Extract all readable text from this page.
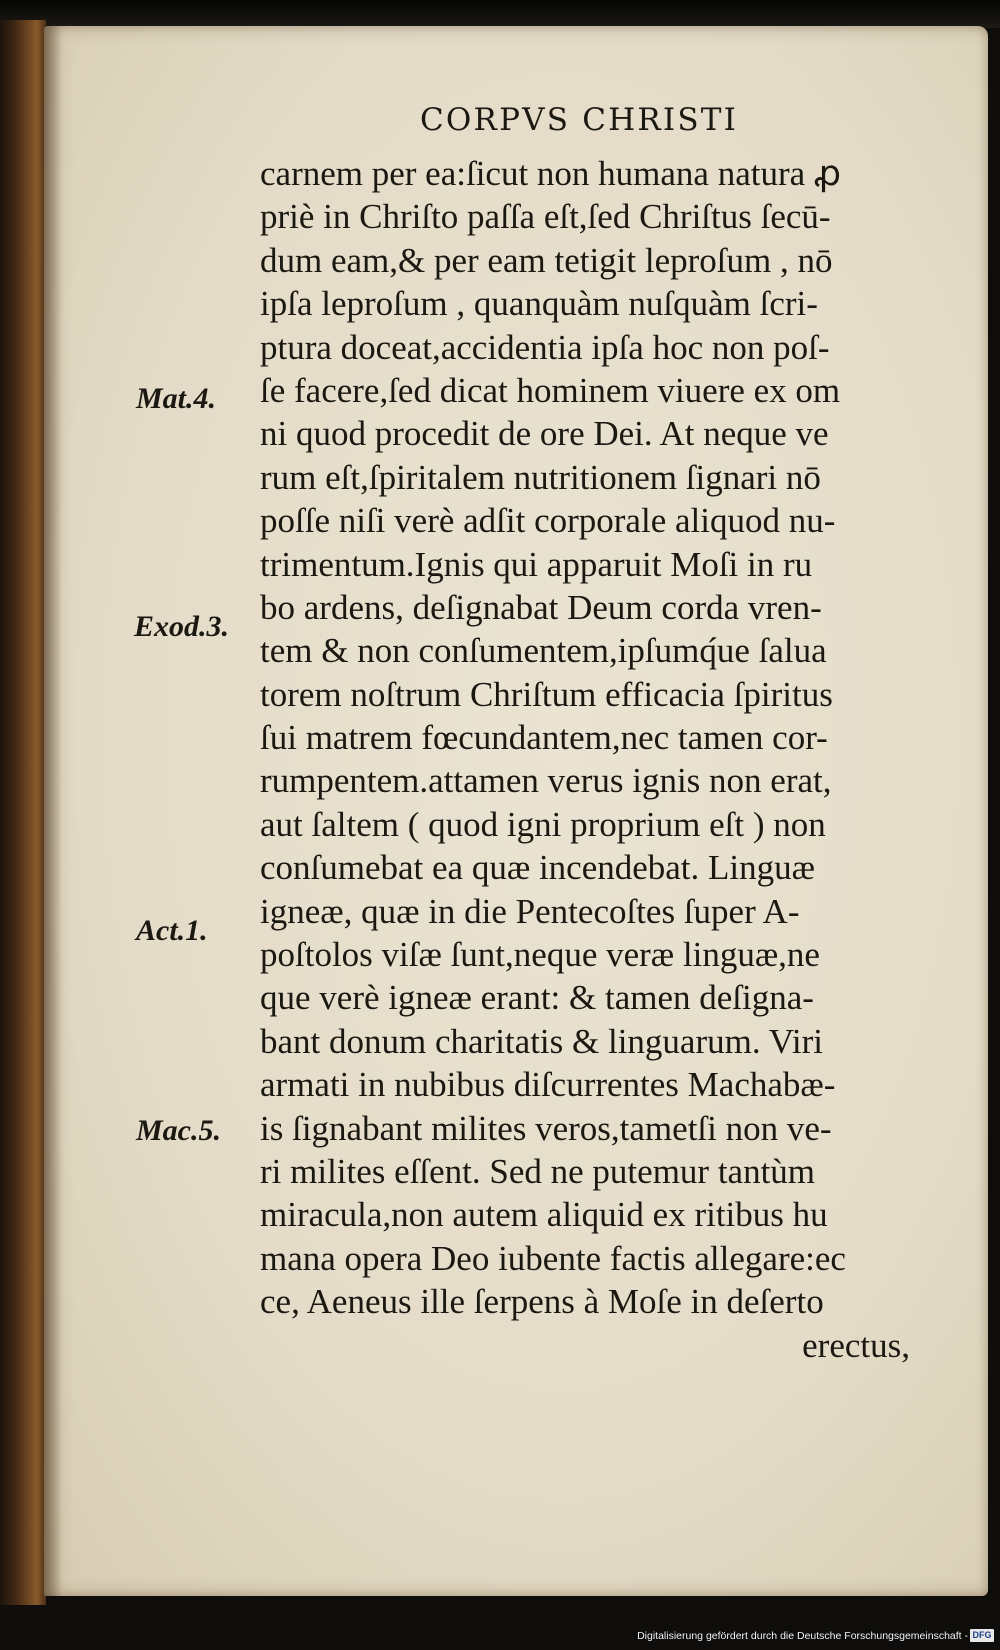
CORPVS CHRISTI
carnem per ea:ſicut non humana natura ꝓ
priè in Chriſto paſſa eſt,ſed Chriſtus ſecū-
dum eam,& per eam tetigit leproſum , nō
ipſa leproſum , quanquàm nuſquàm ſcri-
ptura doceat,accidentia ipſa hoc non poſ-
ſe facere,ſed dicat hominem viuere ex om
ni quod procedit de ore Dei. At neque ve
rum eſt,ſpiritalem nutritionem ſignari nō
poſſe niſi verè adſit corporale aliquod nu-
trimentum.Ignis qui apparuit Moſi in ru
bo ardens, deſignabat Deum corda vren-
tem & non conſumentem,ipſumq́ue ſalua
torem noſtrum Chriſtum efficacia ſpiritus
ſui matrem fœcundantem,nec tamen cor-
rumpentem.attamen verus ignis non erat,
aut ſaltem ( quod igni proprium eſt ) non
conſumebat ea quæ incendebat. Linguæ
igneæ, quæ in die Pentecoſtes ſuper A-
poſtolos viſæ ſunt,neque veræ linguæ,ne
que verè igneæ erant: & tamen deſigna-
bant donum charitatis & linguarum. Viri
armati in nubibus diſcurrentes Machabæ-
is ſignabant milites veros,tametſi non ve-
ri milites eſſent. Sed ne putemur tantùm
miracula,non autem aliquid ex ritibus hu
mana opera Deo iubente factis allegare:ec
ce, Aeneus ille ſerpens à Moſe in deſerto
erectus,
Mat.4.
Exod.3.
Act.1.
Mac.5.
Digitalisierung gefördert durch die Deutsche Forschungsgemeinschaft - DFG
